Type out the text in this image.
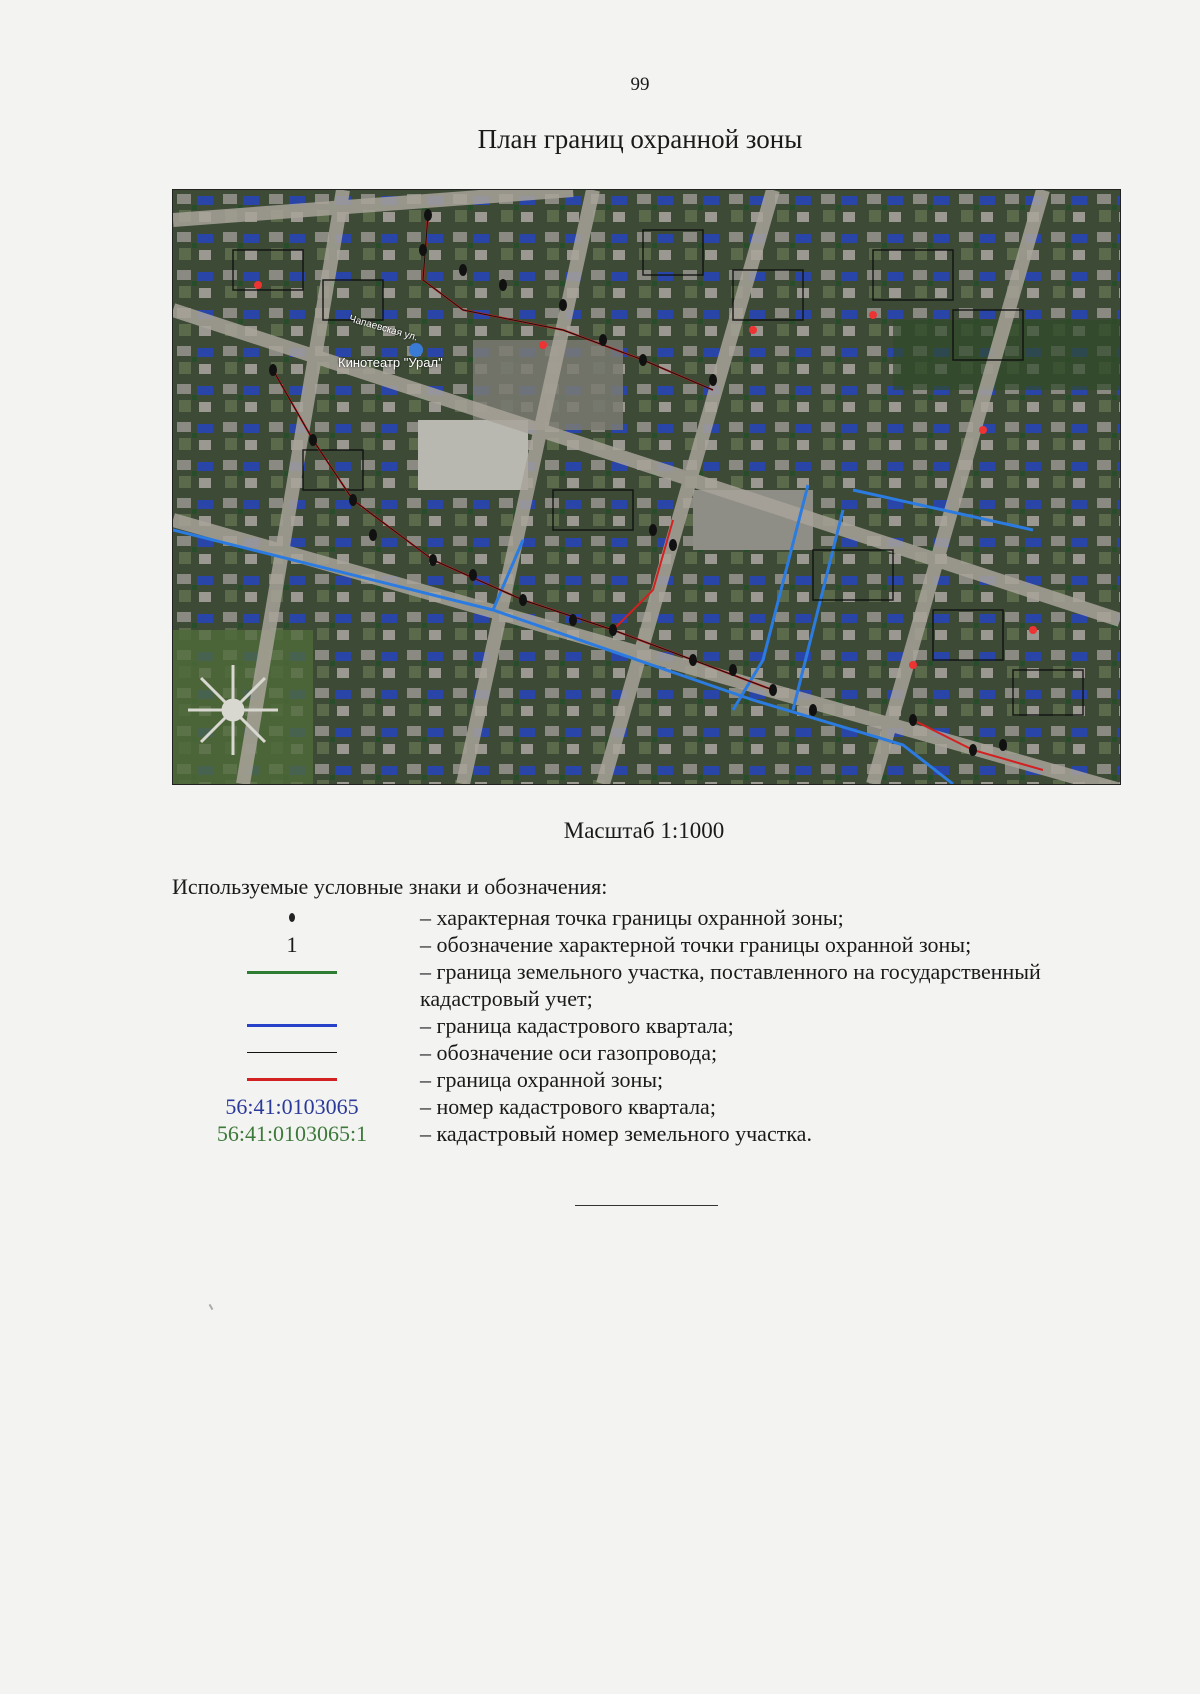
99
План границ охранной зоны
Кинотеатр "Урал"
Чапаевская ул.
Масштаб 1:1000
Используемые условные знаки и обозначения:
– характерная точка границы охранной зоны;
1	– обозначение характерной точки границы охранной зоны;
– граница земельного участка, поставленного на государственный кадастровый учет;
– граница кадастрового квартала;
– обозначение оси газопровода;
– граница охранной зоны;
56:41:0103065	– номер кадастрового квартала;
56:41:0103065:1	– кадастровый номер земельного участка.
